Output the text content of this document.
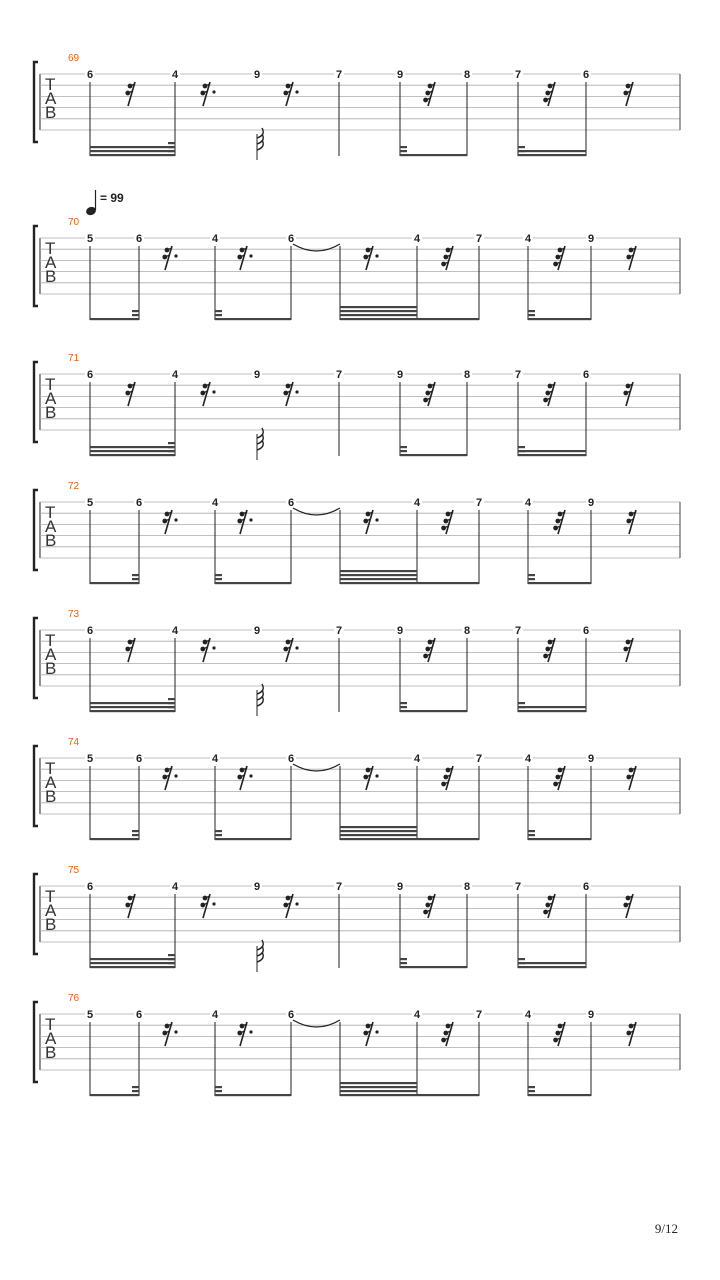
T
A
B
69
6	4	9	7	9	8	7	6
T
A
B
70
5	6	4	6	4	7	4	9
T
A
B
71
6	4	9	7	9	8	7	6
T
A
B
72
5	6	4	6	4	7	4	9
T
A
B
73
6	4	9	7	9	8	7	6
T
A
B
74
5	6	4	6	4	7	4	9
T
A
B
75
6	4	9	7	9	8	7	6
T
A
B
76
5	6	4	6	4	7	4	9
= 99
9/12
